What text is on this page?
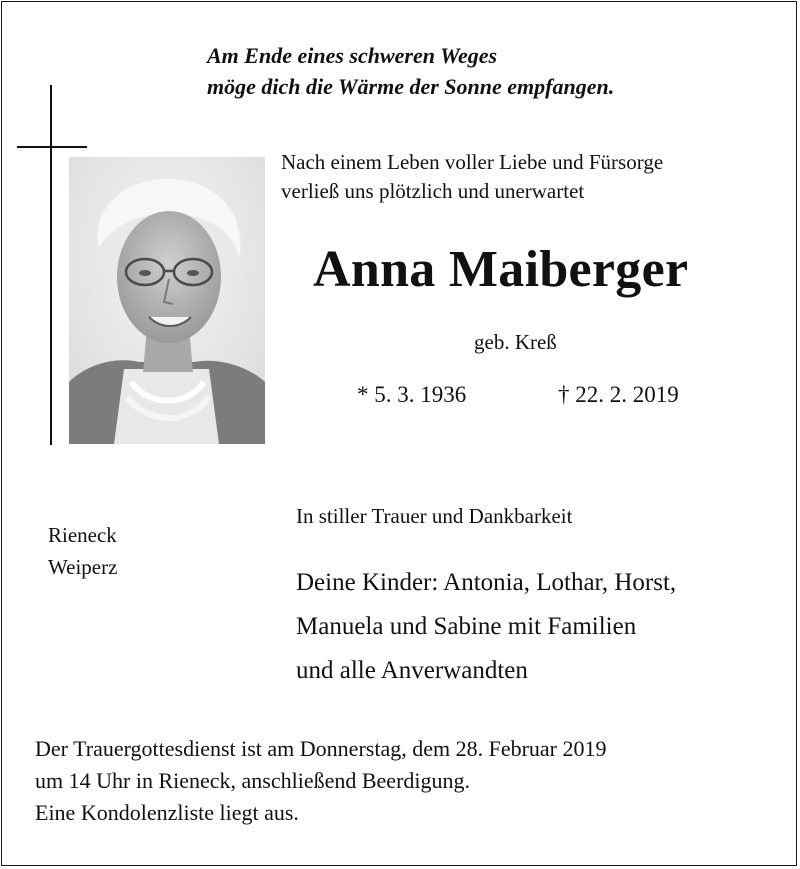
Am Ende eines schweren Weges
möge dich die Wärme der Sonne empfangen.
Nach einem Leben voller Liebe und Fürsorge
verließ uns plötzlich und unerwartet
Anna Maiberger
geb. Kreß
* 5. 3. 1936	† 22. 2. 2019
Rieneck
Weiperz
In stiller Trauer und Dankbarkeit
Deine Kinder: Antonia, Lothar, Horst,
Manuela und Sabine mit Familien
und alle Anverwandten
Der Trauergottesdienst ist am Donnerstag, dem 28. Februar 2019
um 14 Uhr in Rieneck, anschließend Beerdigung.
Eine Kondolenzliste liegt aus.
